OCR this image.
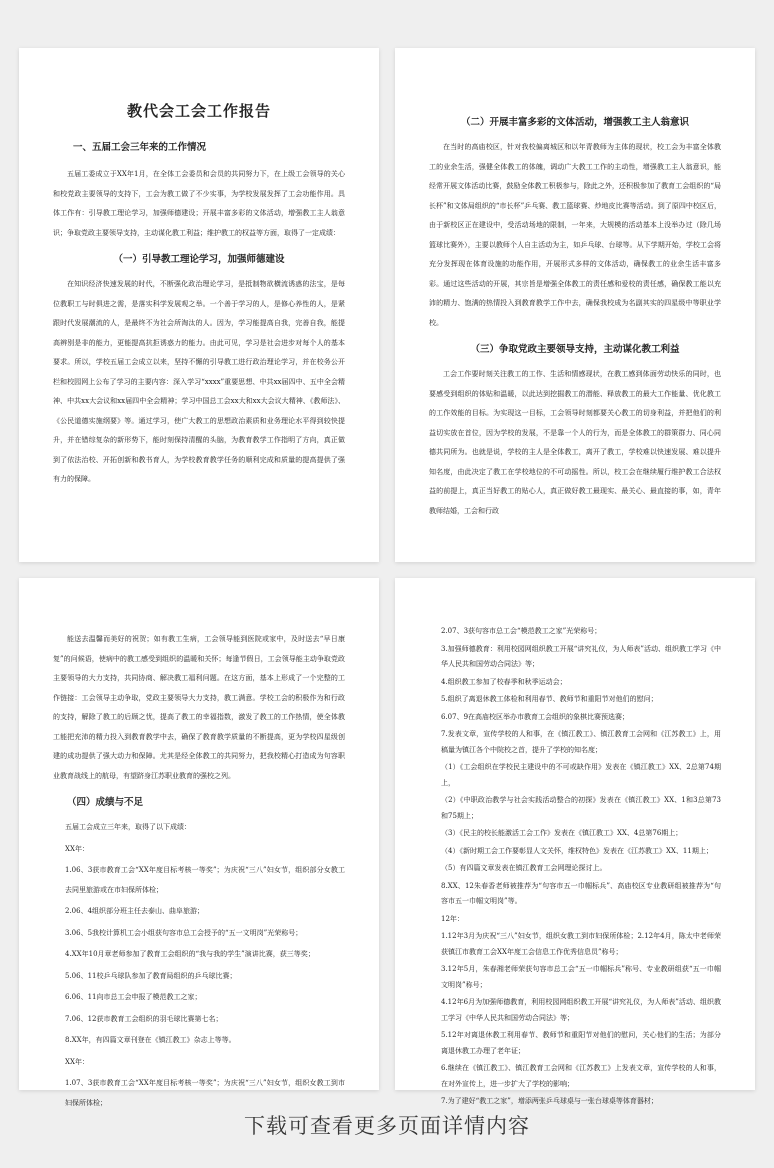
教代会工会工作报告
一、五届工会三年来的工作情况

五届工委成立于XX年1月，在全体工会委员和会员的共同努力下，在上级工会领导的关心和校党政主要领导的支持下，工会为教工做了不少实事，为学校发展发挥了工会功能作用。具体工作有：引导教工理论学习，加强师德建设；开展丰富多彩的文体活动，增强教工主人翁意识；争取党政主要领导支持，主动谋化教工利益；维护教工的权益等方面，取得了一定成绩：

（一）引导教工理论学习，加强师德建设

在知识经济快速发展的时代，不断强化政治理论学习，是抵制物欲横流诱惑的法宝，是每位教职工与时俱进之需，是落实科学发展观之举。一个善于学习的人，是修心养性的人，是紧跟时代发展潮流的人，是最终不为社会所淘汰的人。因为，学习能提高自我，完善自我，能提高辨别是非的能力，更能提高抗拒诱惑力的能力。由此可见，学习是社会进步对每个人的基本要求。所以，学校五届工会成立以来，坚持不懈的引导教工进行政治理论学习，并在校务公开栏和校园网上公布了学习的主要内容：深入学习“xxxx”重要思想、中共xx届四中、五中全会精神、中共xx大会议和xx届四中全会精神；学习中国总工会xx大和xx大会议大精神、《教师法》、《公民道德实施纲要》等。通过学习，使广大教工的思想政治素质和业务理论水平得到较快提升，并在错综复杂的新形势下，能时刻保持清醒的头脑，为教育教学工作指明了方向，真正做到了依法治校、开拓创新和教书育人，为学校教育教学任务的顺利完成和质量的提高提供了强有力的保障。

（二）开展丰富多彩的文体活动，增强教工主人翁意识

在当时的高庙校区，针对我校偏离城区和以年青教师为主体的现状，校工会为丰富全体教工的业余生活，强健全体教工的体魄，调动广大教工工作的主动性，增强教工主人翁意识，能经常开展文体活动比赛，鼓励全体教工积极参与，除此之外，还积极参加了教育工会组织的“局长杯”和文体局组织的“市长杯”乒乓赛、教工篮球赛、炒地皮比赛等活动。到了原四中校区后，由于新校区正在建设中，受活动场地的限制，一年来，大规模的活动基本上没举办过（除几场篮球比赛外），主要以教师个人自主活动为主，如乒乓球、台球等。从下学期开始，学校工会将充分发挥现在体育设施的功能作用，开展形式多样的文体活动，确保教工的业余生活丰富多彩。通过这些活动的开展，其宗旨是增强全体教工的责任感和爱校的责任感，确保教工能以充沛的精力、饱满的热情投入到教育教学工作中去，确保我校成为名副其实的四星级中等职业学校。

（三）争取党政主要领导支持，主动谋化教工利益

工会工作要时刻关注教工的工作、生活和情感现状，在教工感到体面劳动快乐的同时，也要感受到组织的体贴和温暖，以此达到挖掘教工的潜能、释放教工的最大工作能量、优化教工的工作效能的目标。为实现这一目标，工会领导时刻都要关心教工的切身利益，并把他们的利益切实放在首位，因为学校的发展，不是靠一个人的行为，而是全体教工的群策群力、同心同德共同所为。也就是说，学校的主人是全体教工，离开了教工，学校难以快速发展、难以提升知名度，由此决定了教工在学校地位的不可动摇性。所以，校工会在继续履行维护教工合法权益的前提上，真正当好教工的贴心人，真正做好教工最现实、最关心、最直接的事，如，青年教师结婚，工会和行政

能送去温馨而美好的祝贺；如有教工生病，工会领导能到医院或家中，及时送去“早日康复”的问候语，使病中的教工感受到组织的温暖和关怀；每逢节假日，工会领导能主动争取党政主要领导的大力支持，共同协商、解决教工福利问题。在这方面，基本上形成了一个完整的工作链接：工会领导主动争取，党政主要领导大力支持，教工满意。学校工会的积极作为和行政的支持，解除了教工的后顾之忧，提高了教工的幸福指数，激发了教工的工作热情，使全体教工能把充沛的精力投入到教育教学中去，确保了教育教学质量的不断提高，更为学校四星级创建的成功提供了强大动力和保障。尤其是经全体教工的共同努力，把我校精心打造成为句容职业教育战线上的航母，有望跻身江苏职业教育的强校之列。

（四）成绩与不足

五届工会成立三年来，取得了以下成绩：

XX年：

1.06、3获市教育工会“XX年度目标考核一等奖”；为庆祝“三八”妇女节，组织部分女教工去同里旅游或在市妇保所体检；

2.06、4组织部分班主任去泰山、曲阜旅游；

3.06、5我校计算机工会小组获句容市总工会授予的“五一文明岗”光荣称号；

4.XX年10月章老师参加了教育工会组织的“我与我的学生”演讲比赛，获三等奖；

5.06、11校乒乓球队参加了教育局组织的乒乓球比赛；

6.06、11向市总工会申报了模范教工之家；

7.06、12获市教育工会组织的羽毛球比赛第七名；

8.XX年，有四篇文章刊登在《镇江教工》杂志上等等。

XX年：

1.07、3获市教育工会“XX年度目标考核一等奖”；为庆祝“三八”妇女节，组织女教工到市妇保所体检；

2.07、3获句容市总工会“模范教工之家”光荣称号；

3.加强师德教育：利用校园网组织教工开展“讲究礼仪，为人师表”活动、组织教工学习《中华人民共和国劳动合同法》等；

4.组织教工参加了校春季和秋季运动会；

5.组织了离退休教工体检和利用春节、教师节和重阳节对他们的慰问；

6.07、9在高庙校区举办市教育工会组织的象棋比赛预选赛；

7.发表文章，宣传学校的人和事，在《镇江教工》、镇江教育工会网和《江苏教工》上，用稿量为镇江各个中院校之首，提升了学校的知名度；

（1）《工会组织在学校民主建设中的不可或缺作用》发表在《镇江教工》XX、2总第74期上，

（2）《中职政治教学与社会实践活动整合的初探》发表在《镇江教工》XX、1和3总第73和75期上；

（3）《民主的校长能激活工会工作》发表在《镇江教工》XX、4总第76期上；

（4）《新时期工会工作要彰显人文关怀，维权特色》发表在《江苏教工》XX、11期上；

（5）有四篇文章发表在镇江教育工会网理论探讨上。

8.XX、12朱春香老师被推荐为“句容市五一巾帼标兵”、高庙校区专业教研组被推荐为“句容市五一巾帼文明岗”等。

12年：

1.12年3月为庆祝“三八”妇女节，组织女教工到市妇保所体检；2.12年4月，陈太中老师荣获镇江市教育工会XX年度工会信息工作优秀信息员”称号；

3.12年5月，朱春湘老师荣获句容市总工会“五一巾帼标兵”称号、专业教研组获“五一巾帼文明岗”称号；

4.12年6月为加强师德教育，利用校园网组织教工开展“讲究礼仪，为人师表”活动、组织教工学习《中华人民共和国劳动合同法》等；

5.12年对离退休教工利用春节、教师节和重阳节对他们的慰问，关心他们的生活；为部分离退休教工办理了老年证；

6.继续在《镇江教工》、镇江教育工会网和《江苏教工》上发表文章，宣传学校的人和事，在对外宣传上，进一步扩大了学校的影响；

7.为了建好“教工之家”，增添两张乒乓球桌与一张台球桌等体育器材；

下载可查看更多页面详情内容
